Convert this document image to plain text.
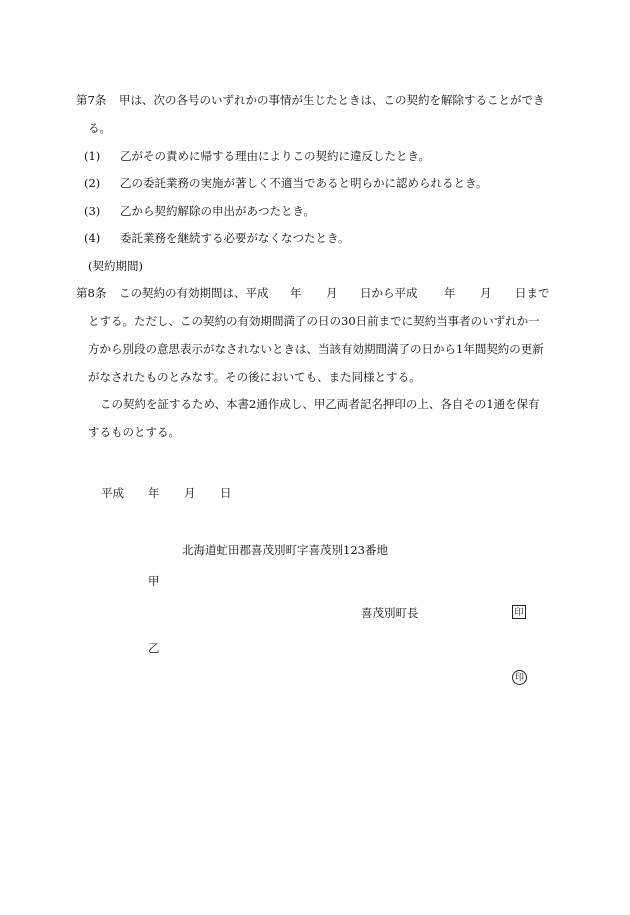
第7条 甲は、次の各号のいずれかの事情が生じたときは、この契約を解除することができ
る。
(1) 乙がその責めに帰する理由によりこの契約に違反したとき。
(2) 乙の委託業務の実施が著しく不適当であると明らかに認められるとき。
(3) 乙から契約解除の申出があつたとき。
(4) 委託業務を継続する必要がなくなつたとき。
(契約期間)
第8条 この契約の有効期間は、平成 年 月 日から平成 年 月 日まで
とする。ただし、この契約の有効期間満了の日の30日前までに契約当事者のいずれか一
方から別段の意思表示がなされないときは、当該有効期間満了の日から1年間契約の更新
がなされたものとみなす。その後においても、また同様とする。
この契約を証するため、本書2通作成し、甲乙両者記名押印の上、各自その1通を保有
するものとする。
平成 年 月 日
北海道虻田郡喜茂別町字喜茂別123番地
甲
喜茂別町長	印
乙
印
